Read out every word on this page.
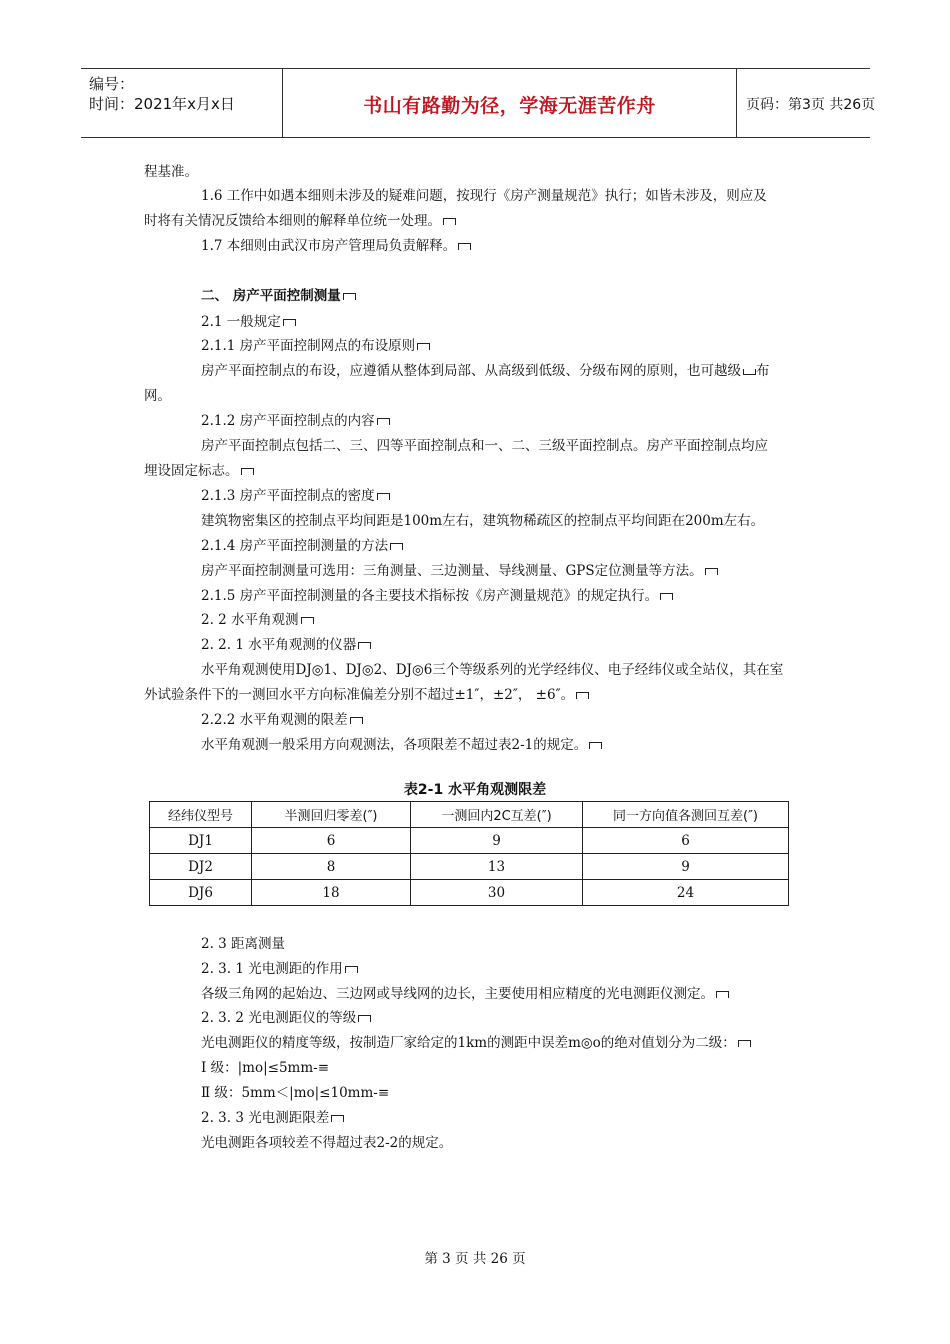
编号：
时间：2021年x月x日	书山有路勤为径，学海无涯苦作舟	页码：第3页 共26页
程基准。
1.6 工作中如遇本细则未涉及的疑难问题，按现行《房产测量规范》执行；如皆未涉及，则应及
时将有关情况反馈给本细则的解释单位统一处理。
1.7 本细则由武汉市房产管理局负责解释。
二、 房产平面控制测量
2.1 一般规定
2.1.1 房产平面控制网点的布设原则
房产平面控制点的布设，应遵循从整体到局部、从高级到低级、分级布网的原则，也可越级 布
网。
2.1.2 房产平面控制点的内容
房产平面控制点包括二、三、四等平面控制点和一、二、三级平面控制点。房产平面控制点均应
埋设固定标志。
2.1.3 房产平面控制点的密度
建筑物密集区的控制点平均间距是100m左右，建筑物稀疏区的控制点平均间距在200m左右。
2.1.4 房产平面控制测量的方法
房产平面控制测量可选用：三角测量、三边测量、导线测量、GPS定位测量等方法。
2.1.5 房产平面控制测量的各主要技术指标按《房产测量规范》的规定执行。
2. 2 水平角观测
2. 2. 1 水平角观测的仪器
水平角观测使用DJ◎1、DJ◎2、DJ◎6三个等级系列的光学经纬仪、电子经纬仪或全站仪，其在室
外试验条件下的一测回水平方向标准偏差分别不超过±1″，±2″， ±6″。
2.2.2 水平角观测的限差
水平角观测一般采用方向观测法，各项限差不超过表2-1的规定。
表2-1 水平角观测限差
经纬仪型号	半测回归零差(″)	一测回内2C互差(″)	同一方向值各测回互差(″)
DJ1	6	9	6
DJ2	8	13	9
DJ6	18	30	24
2. 3 距离测量
2. 3. 1 光电测距的作用
各级三角网的起始边、三边网或导线网的边长，主要使用相应精度的光电测距仪测定。
2. 3. 2 光电测距仪的等级
光电测距仪的精度等级，按制造厂家给定的1km的测距中误差m◎o的绝对值划分为二级：
Ⅰ 级：|mo|≤5mm-≡
Ⅱ 级：5mm＜|mo|≤10mm-≡
2. 3. 3 光电测距限差
光电测距各项较差不得超过表2-2的规定。
第 3 页 共 26 页
